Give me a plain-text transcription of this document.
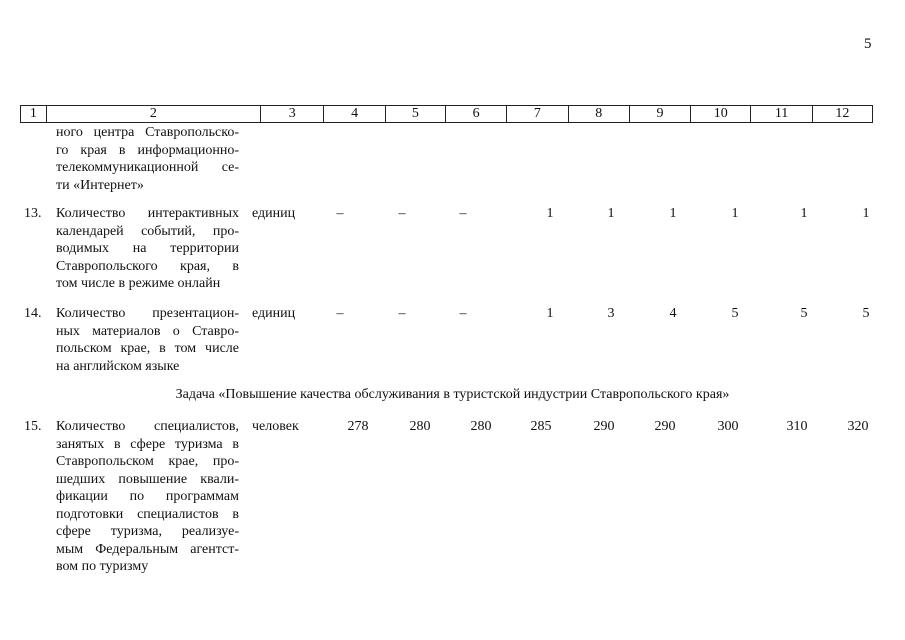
5
1	2	3	4	5	6	7	8	9	10	11	12
ного центра Ставропольско-
го края в информационно-
телекоммуникационной се-
ти «Интернет»
13. Количество интерактивных
календарей событий, про-
водимых на территории
Ставропольского края, в
том числе в режиме онлайн
единиц	–	–	–	1	1	1	1	1	1
14. Количество презентацион-
ных материалов о Ставро-
польском крае, в том числе
на английском языке
единиц	–	–	–	1	3	4	5	5	5
Задача «Повышение качества обслуживания в туристской индустрии Ставропольского края»
15. Количество специалистов,
занятых в сфере туризма в
Ставропольском крае, про-
шедших повышение квали-
фикации по программам
подготовки специалистов в
сфере туризма, реализуе-
мым Федеральным агентст-
вом по туризму
человек	278	280	280	285	290	290	300	310	320
